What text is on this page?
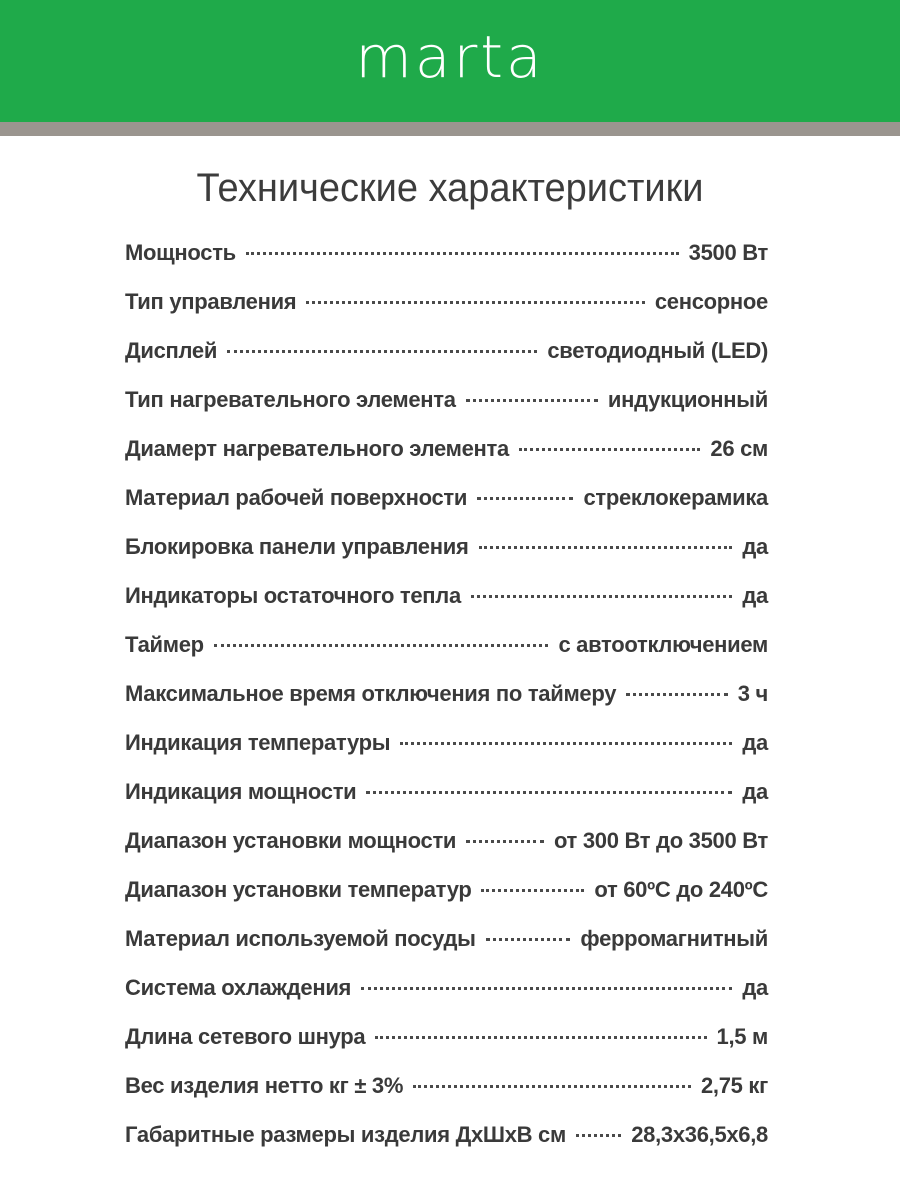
marta
Технические характеристики
Мощность	3500 Вт
Тип управления	сенсорное
Дисплей	светодиодный (LED)
Тип нагревательного элемента	индукционный
Диамерт нагревательного элемента	26 см
Материал рабочей поверхности	стреклокерамика
Блокировка панели управления	да
Индикаторы остаточного тепла	да
Таймер	с автоотключением
Максимальное время отключения по таймеру	3 ч
Индикация температуры	да
Индикация мощности	да
Диапазон установки мощности	от 300 Вт до 3500 Вт
Диапазон установки температур	от 60ºС до 240ºС
Материал используемой посуды	ферромагнитный
Система охлаждения	да
Длина сетевого шнура	1,5 м
Вес изделия нетто кг ± 3%	2,75 кг
Габаритные размеры изделия ДхШхВ см	28,3х36,5х6,8
